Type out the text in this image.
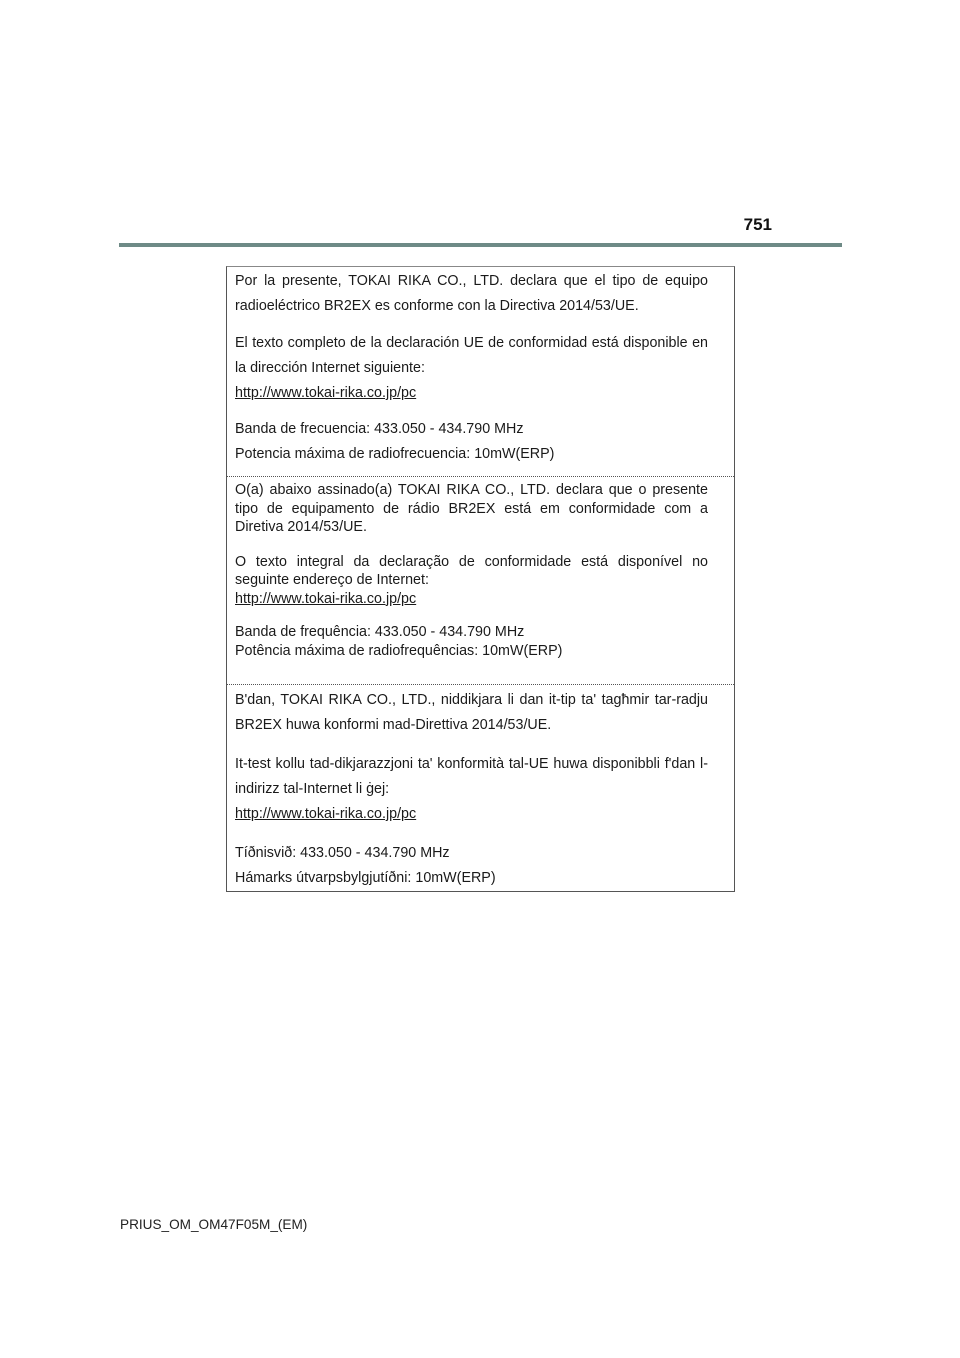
751
Por la presente, TOKAI RIKA CO., LTD. declara que el tipo de equipo radioeléctrico BR2EX es conforme con la Directiva 2014/53/UE.
El texto completo de la declaración UE de conformidad está disponible en la dirección Internet siguiente:
http://www.tokai-rika.co.jp/pc
Banda de frecuencia: 433.050 - 434.790 MHz
Potencia máxima de radiofrecuencia: 10mW(ERP)
O(a) abaixo assinado(a) TOKAI RIKA CO., LTD. declara que o presente tipo de equipamento de rádio BR2EX está em conformidade com a Diretiva 2014/53/UE.
O texto integral da declaração de conformidade está disponível no seguinte endereço de Internet:
http://www.tokai-rika.co.jp/pc
Banda de frequência: 433.050 - 434.790 MHz
Potência máxima de radiofrequências: 10mW(ERP)
B'dan, TOKAI RIKA CO., LTD., niddikjara li dan it-tip ta' tagħmir tar-radju BR2EX huwa konformi mad-Direttiva 2014/53/UE.
It-test kollu tad-dikjarazzjoni ta' konformità tal-UE huwa disponibbli f'dan l-indirizz tal-Internet li ġej:
http://www.tokai-rika.co.jp/pc
Tíðnisvið: 433.050 - 434.790 MHz
Hámarks útvarpsbylgjutíðni: 10mW(ERP)
PRIUS_OM_OM47F05M_(EM)
